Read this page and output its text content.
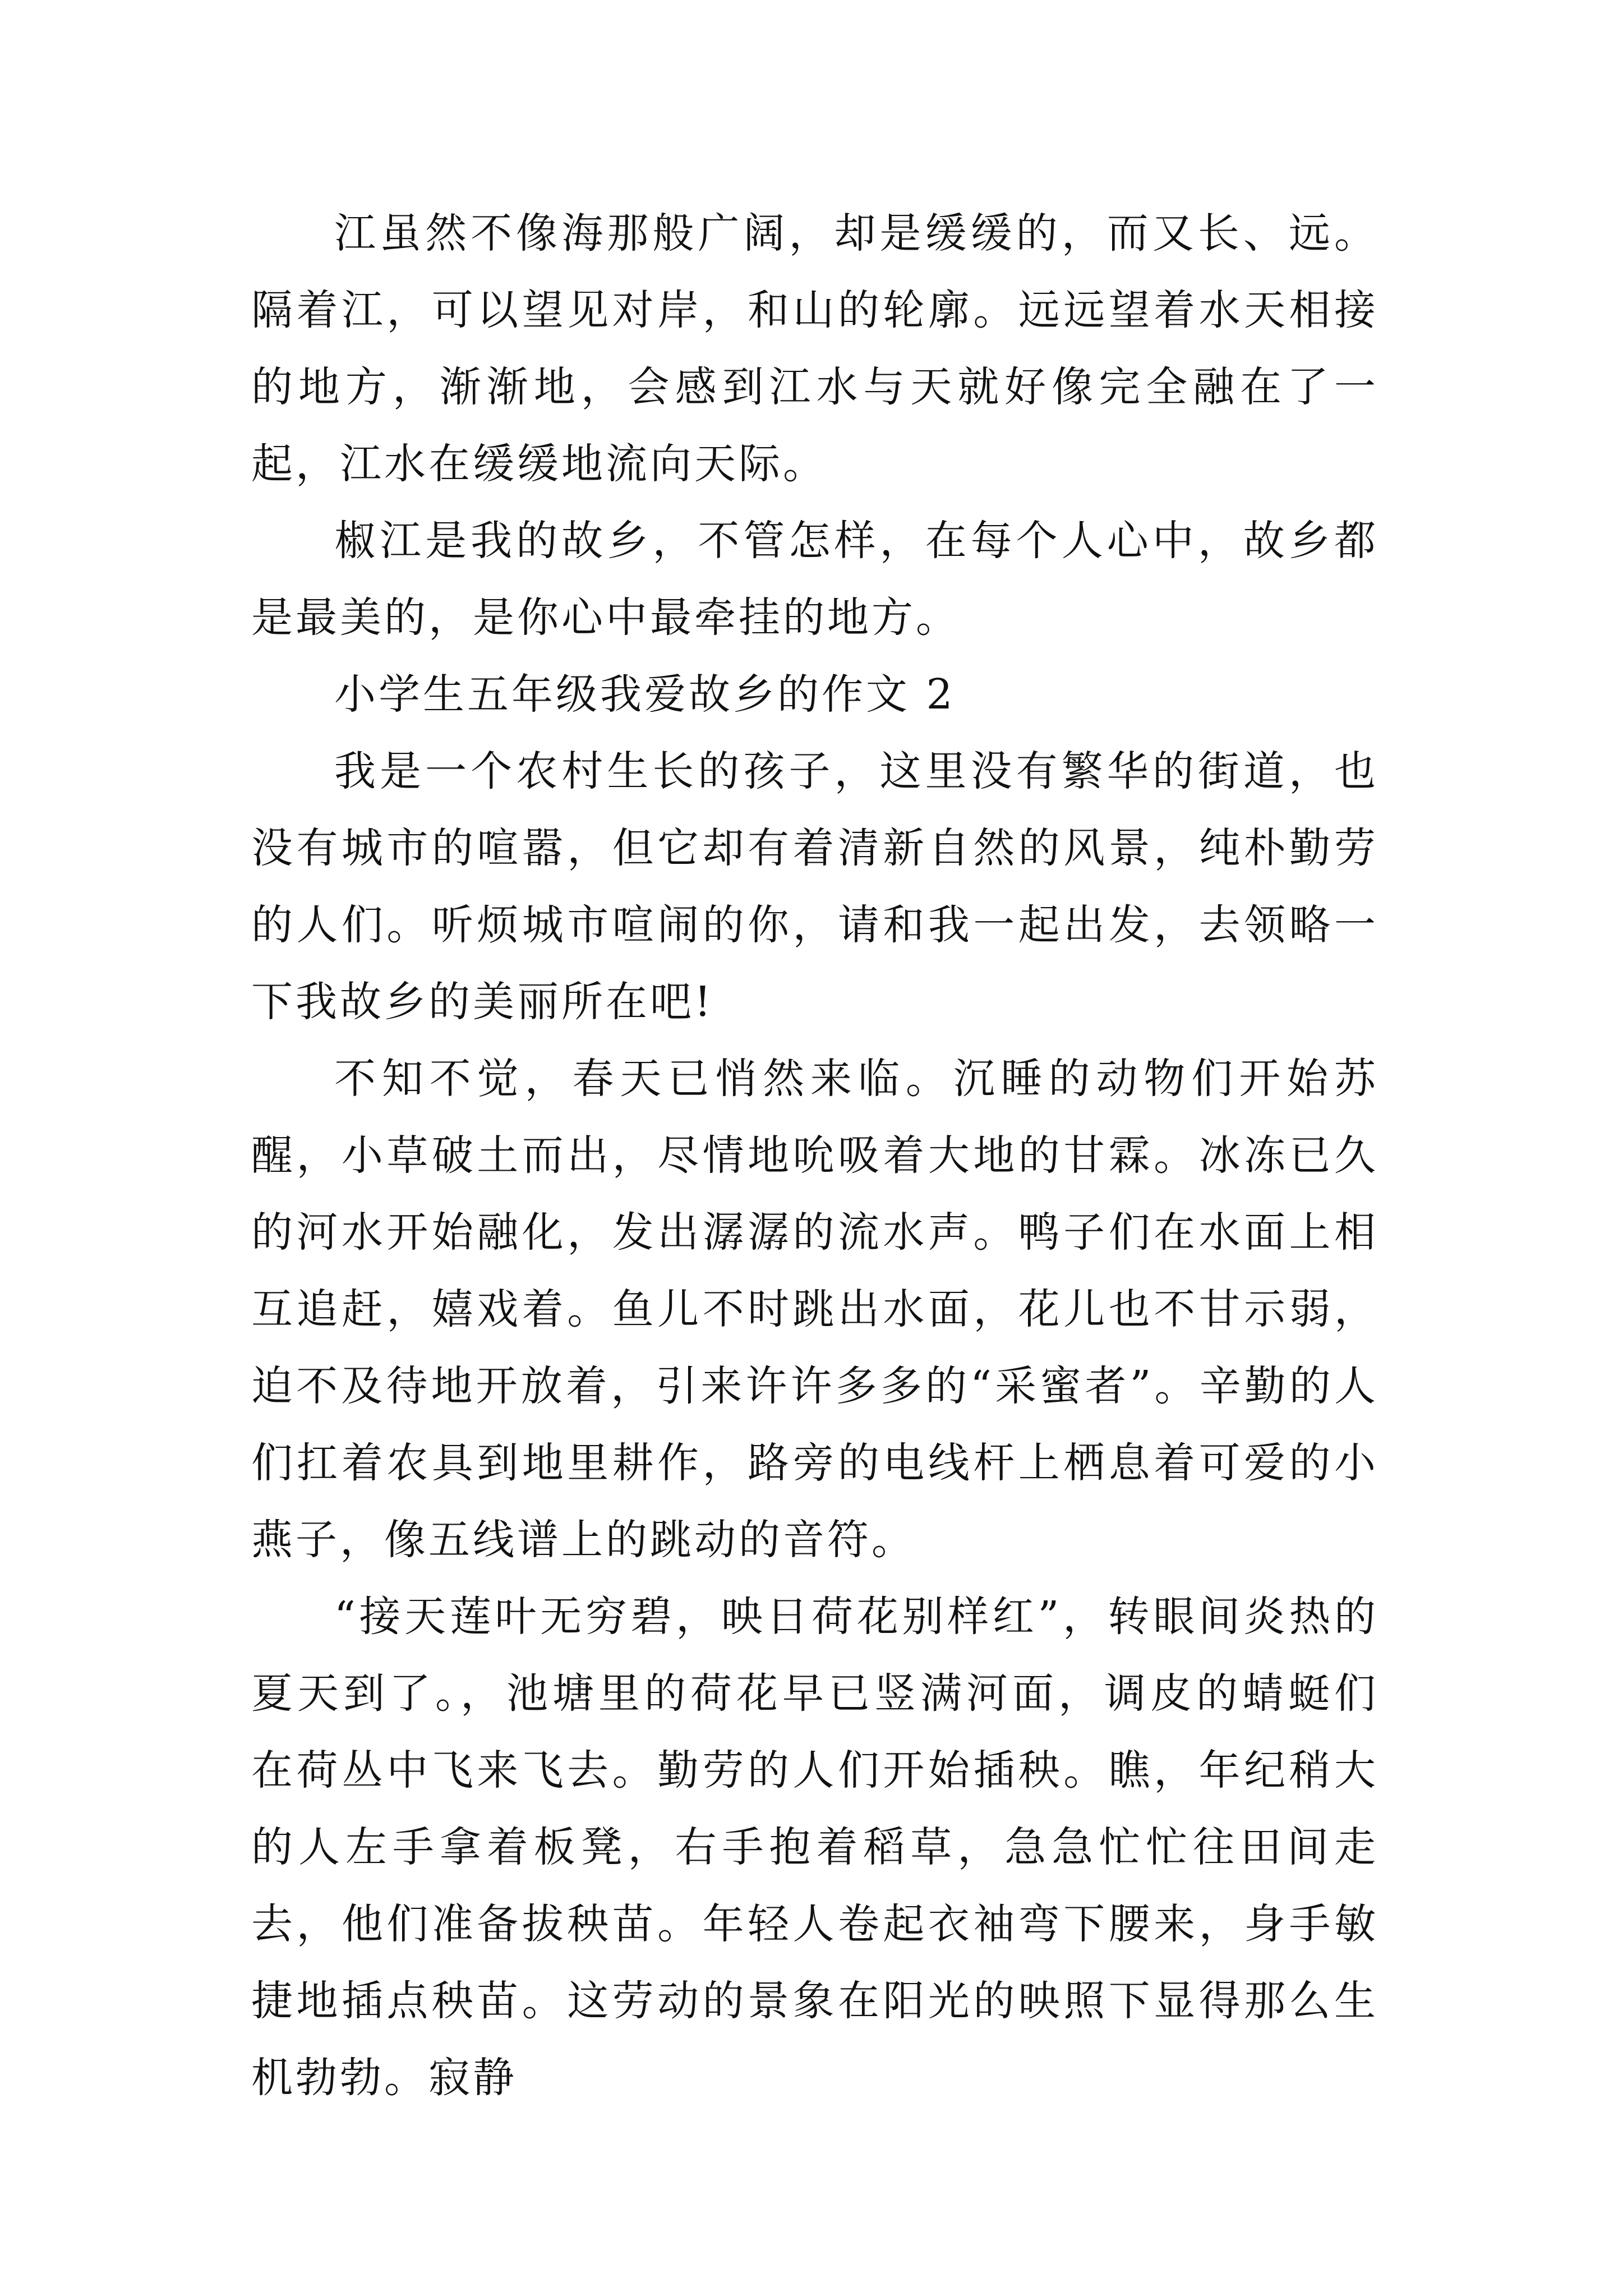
江虽然不像海那般广阔，却是缓缓的，而又长、远。隔着江，可以望见对岸，和山的轮廓。远远望着水天相接的地方，渐渐地，会感到江水与天就好像完全融在了一起，江水在缓缓地流向天际。

椒江是我的故乡，不管怎样，在每个人心中，故乡都是最美的，是你心中最牵挂的地方。

小学生五年级我爱故乡的作文 2

我是一个农村生长的孩子，这里没有繁华的街道，也没有城市的喧嚣，但它却有着清新自然的风景，纯朴勤劳的人们。听烦城市喧闹的你，请和我一起出发，去领略一下我故乡的美丽所在吧!

不知不觉，春天已悄然来临。沉睡的动物们开始苏醒，小草破土而出，尽情地吮吸着大地的甘霖。冰冻已久的河水开始融化，发出潺潺的流水声。鸭子们在水面上相互追赶，嬉戏着。鱼儿不时跳出水面，花儿也不甘示弱，迫不及待地开放着，引来许许多多的“采蜜者”。辛勤的人们扛着农具到地里耕作，路旁的电线杆上栖息着可爱的小燕子，像五线谱上的跳动的音符。

“接天莲叶无穷碧，映日荷花别样红”，转眼间炎热的夏天到了。，池塘里的荷花早已竖满河面，调皮的蜻蜓们在荷丛中飞来飞去。勤劳的人们开始插秧。瞧，年纪稍大的人左手拿着板凳，右手抱着稻草，急急忙忙往田间走去，他们准备拔秧苗。年轻人卷起衣袖弯下腰来，身手敏捷地插点秧苗。这劳动的景象在阳光的映照下显得那么生机勃勃。寂静
